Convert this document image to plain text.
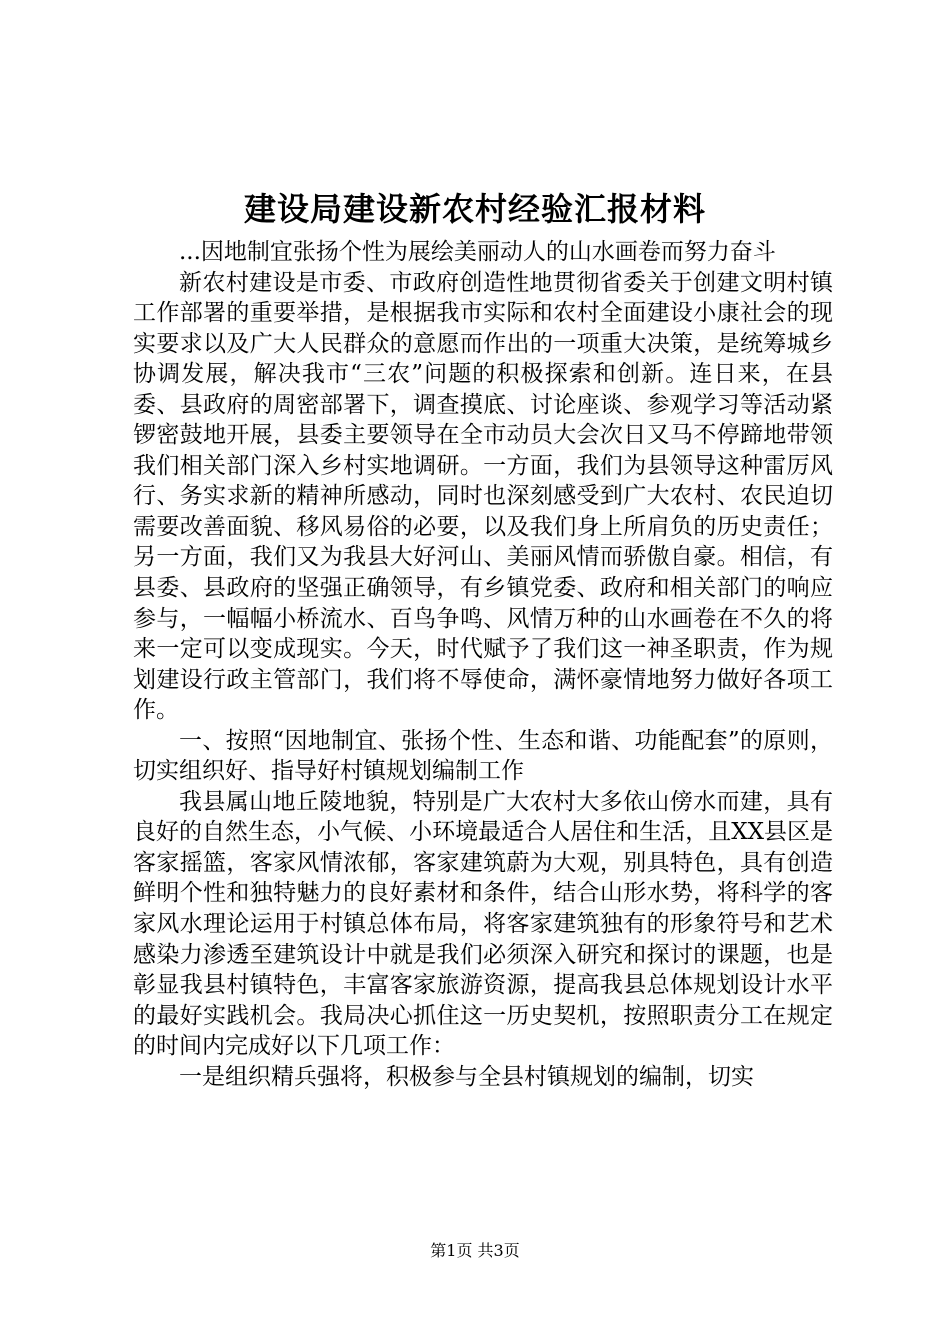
建设局建设新农村经验汇报材料

...因地制宜张扬个性为展绘美丽动人的山水画卷而努力奋斗

新农村建设是市委、市政府创造性地贯彻省委关于创建文明村镇工作部署的重要举措，是根据我市实际和农村全面建设小康社会的现实要求以及广大人民群众的意愿而作出的一项重大决策，是统筹城乡协调发展，解决我市“三农”问题的积极探索和创新。连日来，在县委、县政府的周密部署下，调查摸底、讨论座谈、参观学习等活动紧锣密鼓地开展，县委主要领导在全市动员大会次日又马不停蹄地带领我们相关部门深入乡村实地调研。一方面，我们为县领导这种雷厉风行、务实求新的精神所感动，同时也深刻感受到广大农村、农民迫切需要改善面貌、移风易俗的必要，以及我们身上所肩负的历史责任；另一方面，我们又为我县大好河山、美丽风情而骄傲自豪。相信，有县委、县政府的坚强正确领导，有乡镇党委、政府和相关部门的响应参与，一幅幅小桥流水、百鸟争鸣、风情万种的山水画卷在不久的将来一定可以变成现实。今天，时代赋予了我们这一神圣职责，作为规划建设行政主管部门，我们将不辱使命，满怀豪情地努力做好各项工作。

一、按照“因地制宜、张扬个性、生态和谐、功能配套”的原则，切实组织好、指导好村镇规划编制工作

我县属山地丘陵地貌，特别是广大农村大多依山傍水而建，具有良好的自然生态，小气候、小环境最适合人居住和生活，且XX县区是客家摇篮，客家风情浓郁，客家建筑蔚为大观，别具特色，具有创造鲜明个性和独特魅力的良好素材和条件，结合山形水势，将科学的客家风水理论运用于村镇总体布局，将客家建筑独有的形象符号和艺术感染力渗透至建筑设计中就是我们必须深入研究和探讨的课题，也是彰显我县村镇特色，丰富客家旅游资源，提高我县总体规划设计水平的最好实践机会。我局决心抓住这一历史契机，按照职责分工在规定的时间内完成好以下几项工作：

一是组织精兵强将，积极参与全县村镇规划的编制，切实

第1页 共3页
